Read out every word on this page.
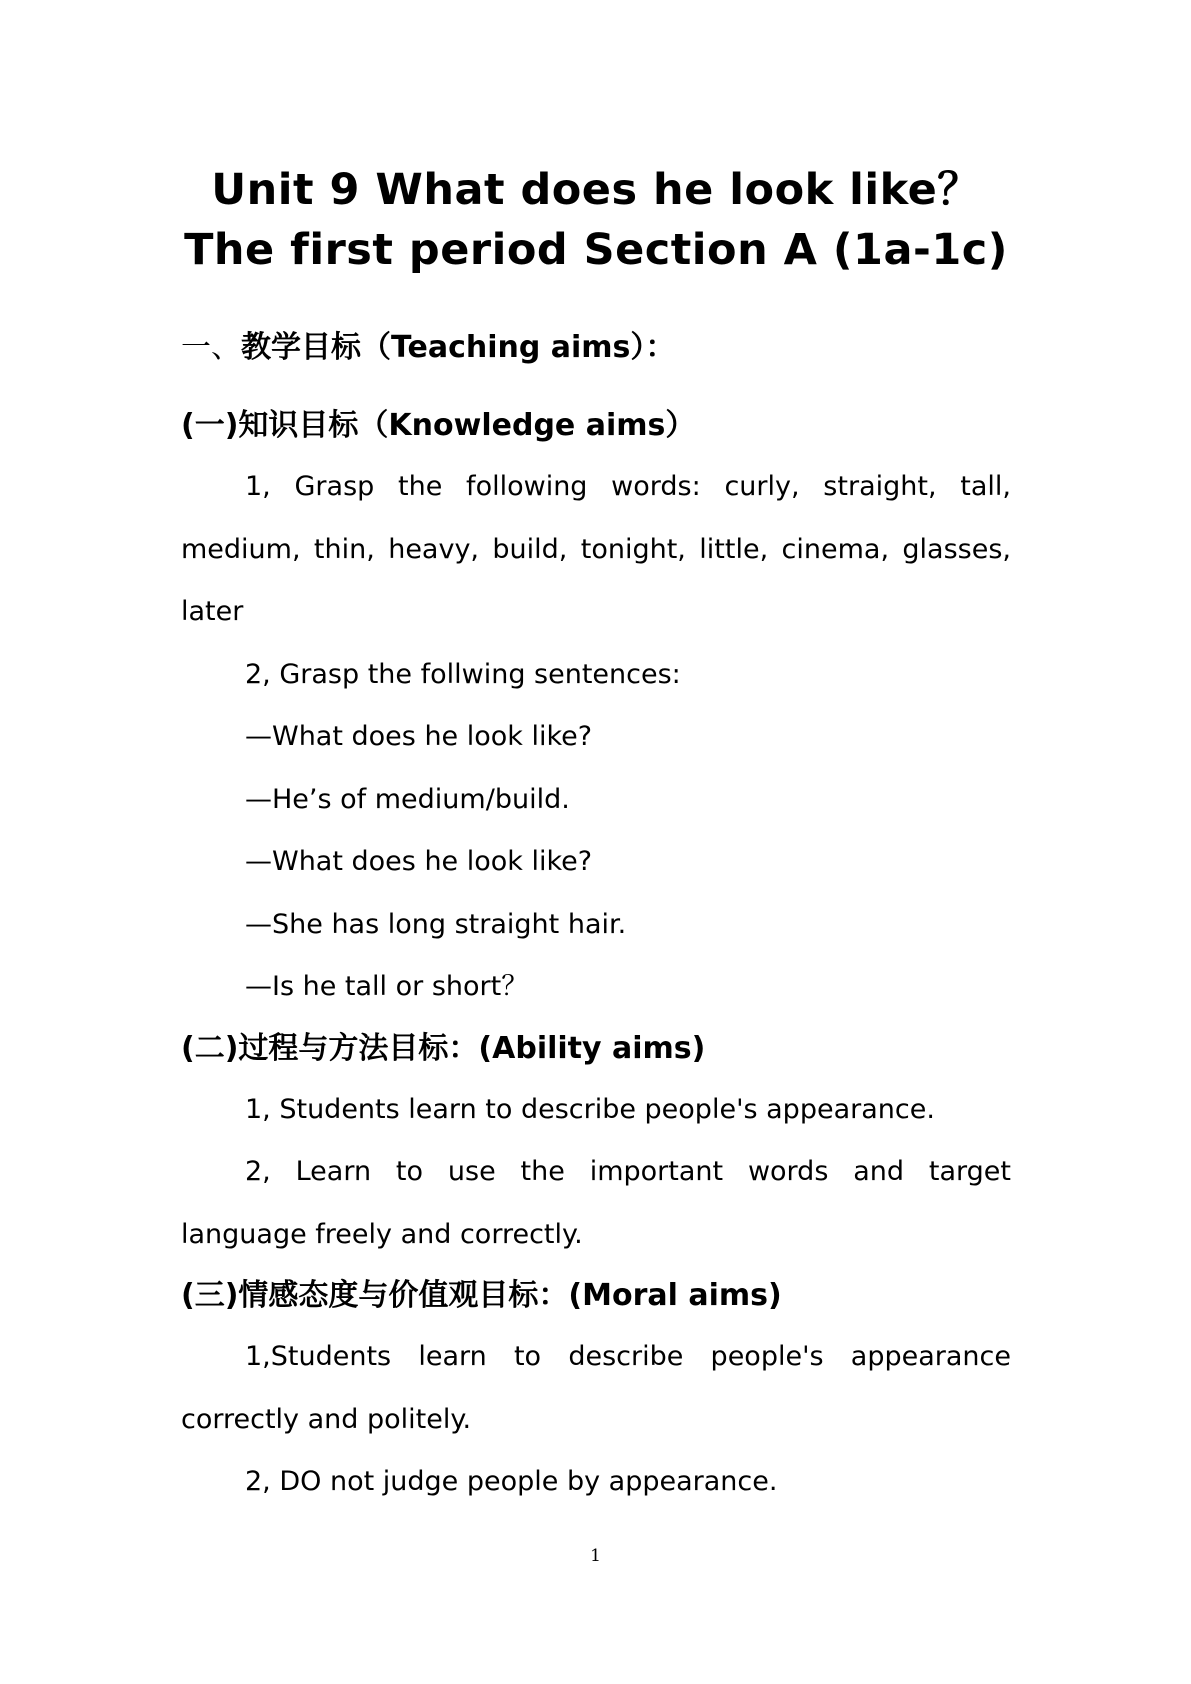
Unit 9 What does he look like？
The first period Section A (1a-1c)
一、教学目标（Teaching aims）：
(一)知识目标（Knowledge aims）

1, Grasp the following words: curly, straight, tall, medium, thin, heavy, build, tonight, little, cinema, glasses, later

2, Grasp the follwing sentences:

—What does he look like?

—He’s of medium/build.

—What does he look like?

—She has long straight hair.

—Is he tall or short？

(二)过程与方法目标：(Ability aims)

1, Students learn to describe people's appearance.

2, Learn to use the important words and target language freely and correctly.

(三)情感态度与价值观目标：(Moral aims)

1,Students learn to describe people's appearance correctly and politely.

2, DO not judge people by appearance.

1
